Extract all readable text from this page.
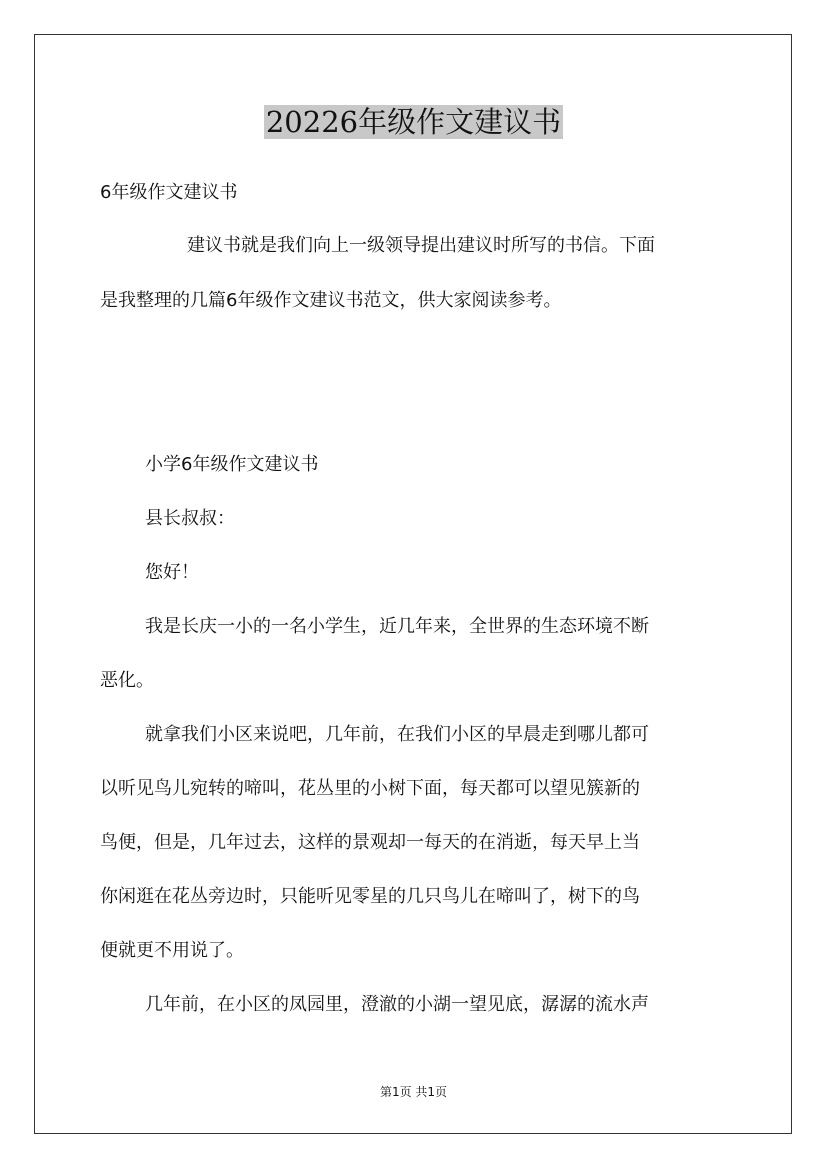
20226年级作文建议书
6年级作文建议书
建议书就是我们向上一级领导提出建议时所写的书信。下面
是我整理的几篇6年级作文建议书范文，供大家阅读参考。
小学6年级作文建议书
县长叔叔：
您好！
我是长庆一小的一名小学生，近几年来，全世界的生态环境不断
恶化。
就拿我们小区来说吧，几年前，在我们小区的早晨走到哪儿都可
以听见鸟儿宛转的啼叫，花丛里的小树下面，每天都可以望见簇新的
鸟便，但是，几年过去，这样的景观却一每天的在消逝，每天早上当
你闲逛在花丛旁边时，只能听见零星的几只鸟儿在啼叫了，树下的鸟
便就更不用说了。
几年前，在小区的凤园里，澄澈的小湖一望见底，潺潺的流水声
第1页 共1页
